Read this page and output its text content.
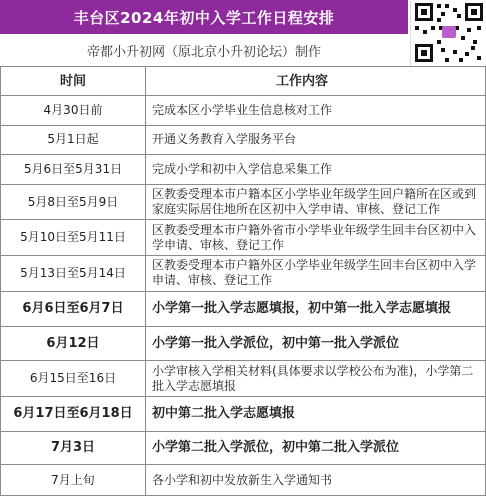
丰台区2024年初中入学工作日程安排
帝都小升初网（原北京小升初论坛）制作
时间	工作内容
4月30日前	完成本区小学毕业生信息核对工作
5月1日起	开通义务教育入学服务平台
5月6日至5月31日	完成小学和初中入学信息采集工作
5月8日至5月9日	区教委受理本市户籍本区小学毕业年级学生回户籍所在区或到家庭实际居住地所在区初中入学申请、审核、登记工作
5月10日至5月11日	区教委受理本市户籍外省市小学毕业年级学生回丰台区初中入学申请、审核、登记工作
5月13日至5月14日	区教委受理本市户籍外区小学毕业年级学生回丰台区初中入学申请、审核、登记工作
6月6日至6月7日	小学第一批入学志愿填报，初中第一批入学志愿填报
6月12日	小学第一批入学派位，初中第一批入学派位
6月15日至16日	小学审核入学相关材料(具体要求以学校公布为准)，小学第二批入学志愿填报
6月17日至6月18日	初中第二批入学志愿填报
7月3日	小学第二批入学派位，初中第二批入学派位
7月上旬	各小学和初中发放新生入学通知书
